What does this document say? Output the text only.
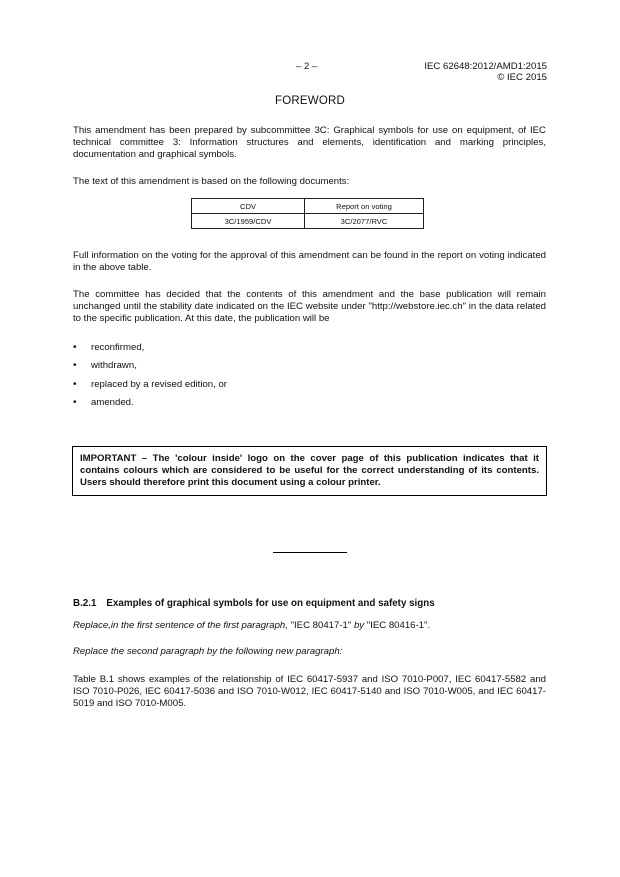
– 2 –	IEC 62648:2012/AMD1:2015
© IEC 2015
FOREWORD

This amendment has been prepared by subcommittee 3C: Graphical symbols for use on equipment, of IEC technical committee 3: Information structures and elements, identification and marking principles, documentation and graphical symbols.

The text of this amendment is based on the following documents:

CDV	Report on voting
3C/1959/CDV	3C/2077/RVC

Full information on the voting for the approval of this amendment can be found in the report on voting indicated in the above table.

The committee has decided that the contents of this amendment and the base publication will remain unchanged until the stability date indicated on the IEC website under "http://webstore.iec.ch" in the data related to the specific publication. At this date, the publication will be

• reconfirmed,
• withdrawn,
• replaced by a revised edition, or
• amended.
IMPORTANT – The 'colour inside' logo on the cover page of this publication indicates that it contains colours which are considered to be useful for the correct understanding of its contents. Users should therefore print this document using a colour printer.
B.2.1 Examples of graphical symbols for use on equipment and safety signs

Replace,in the first sentence of the first paragraph, "IEC 80417-1" by "IEC 80416-1".

Replace the second paragraph by the following new paragraph:

Table B.1 shows examples of the relationship of IEC 60417-5937 and ISO 7010-P007, IEC 60417-5582 and ISO 7010-P026, IEC 60417-5036 and ISO 7010-W012, IEC 60417-5140 and ISO 7010-W005, and IEC 60417-5019 and ISO 7010-M005.
